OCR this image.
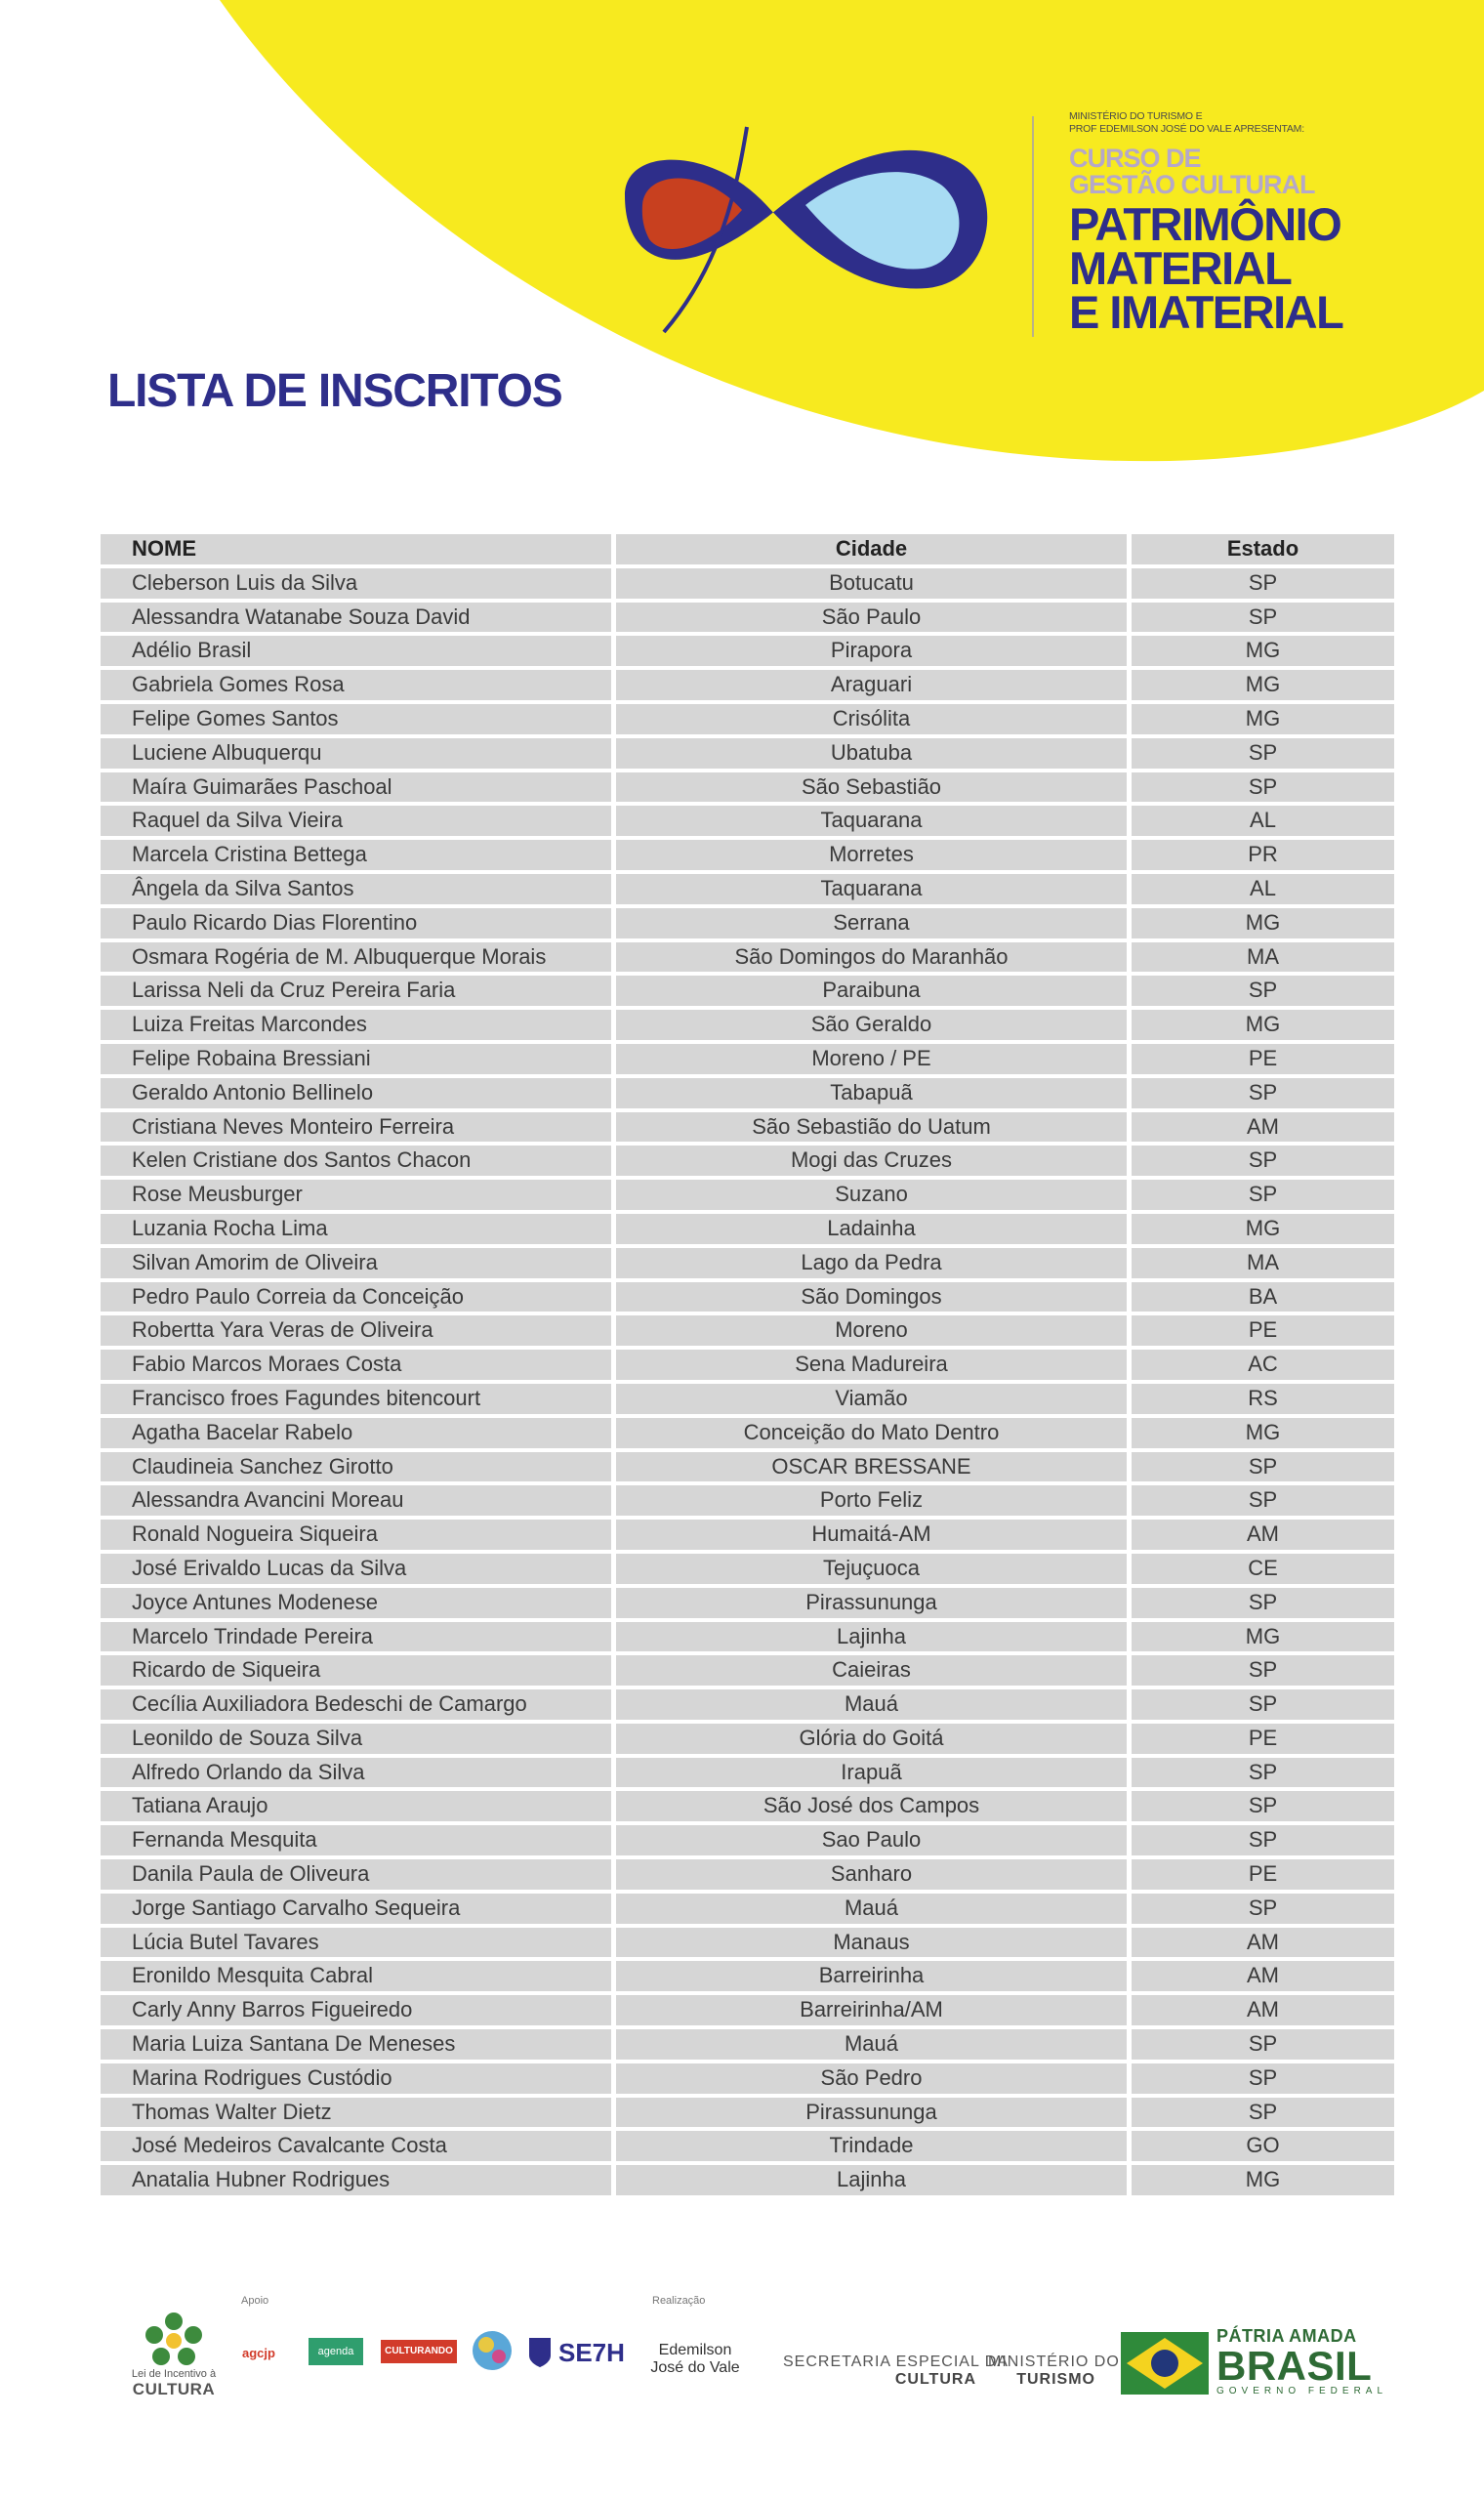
MINISTÉRIO DO TURISMO E
PROF EDEMILSON JOSÉ DO VALE APRESENTAM:
CURSO DE
GESTÃO CULTURAL
PATRIMÔNIO
MATERIAL
E IMATERIAL
LISTA DE INSCRITOS
NOME	Cidade	Estado
Cleberson Luis da Silva	Botucatu	SP
Alessandra Watanabe Souza David	São Paulo	SP
Adélio Brasil	Pirapora	MG
Gabriela Gomes Rosa	Araguari	MG
Felipe Gomes Santos	Crisólita	MG
Luciene Albuquerqu	Ubatuba	SP
Maíra Guimarães Paschoal	São Sebastião	SP
Raquel da Silva Vieira	Taquarana	AL
Marcela Cristina Bettega	Morretes	PR
Ângela da Silva Santos	Taquarana	AL
Paulo Ricardo Dias Florentino	Serrana	MG
Osmara Rogéria de M. Albuquerque Morais	São Domingos do Maranhão	MA
Larissa Neli da Cruz Pereira Faria	Paraibuna	SP
Luiza Freitas Marcondes	São Geraldo	MG
Felipe Robaina Bressiani	Moreno / PE	PE
Geraldo Antonio Bellinelo	Tabapuã	SP
Cristiana Neves Monteiro Ferreira	São Sebastião do Uatum	AM
Kelen Cristiane dos Santos Chacon	Mogi das Cruzes	SP
Rose Meusburger	Suzano	SP
Luzania Rocha Lima	Ladainha	MG
Silvan Amorim de Oliveira	Lago da Pedra	MA
Pedro Paulo Correia da Conceição	São Domingos	BA
Robertta Yara Veras de Oliveira	Moreno	PE
Fabio Marcos Moraes Costa	Sena Madureira	AC
Francisco froes Fagundes bitencourt	Viamão	RS
Agatha Bacelar Rabelo	Conceição do Mato Dentro	MG
Claudineia Sanchez Girotto	OSCAR BRESSANE	SP
Alessandra Avancini Moreau	Porto Feliz	SP
Ronald Nogueira Siqueira	Humaitá-AM	AM
José Erivaldo Lucas da Silva	Tejuçuoca	CE
Joyce Antunes Modenese	Pirassununga	SP
Marcelo Trindade Pereira	Lajinha	MG
Ricardo de Siqueira	Caieiras	SP
Cecília Auxiliadora Bedeschi de Camargo	Mauá	SP
Leonildo de Souza Silva	Glória do Goitá	PE
Alfredo Orlando da Silva	Irapuã	SP
Tatiana Araujo	São José dos Campos	SP
Fernanda Mesquita	Sao Paulo	SP
Danila Paula de Oliveura	Sanharo	PE
Jorge Santiago Carvalho Sequeira	Mauá	SP
Lúcia Butel Tavares	Manaus	AM
Eronildo Mesquita Cabral	Barreirinha	AM
Carly Anny Barros Figueiredo	Barreirinha/AM	AM
Maria Luiza Santana De Meneses	Mauá	SP
Marina Rodrigues Custódio	São Pedro	SP
Thomas Walter Dietz	Pirassununga	SP
José Medeiros Cavalcante Costa	Trindade	GO
Anatalia Hubner Rodrigues	Lajinha	MG
Lei de Incentivo à
CULTURA
Apoio	Realização
agcjp	agenda	CULTURANDO	SE7H	Edemilson
José do Vale	SECRETARIA ESPECIAL DA
CULTURA
MINISTÉRIO DO
TURISMO
PÁTRIA AMADA
BRASIL
GOVERNO FEDERAL
